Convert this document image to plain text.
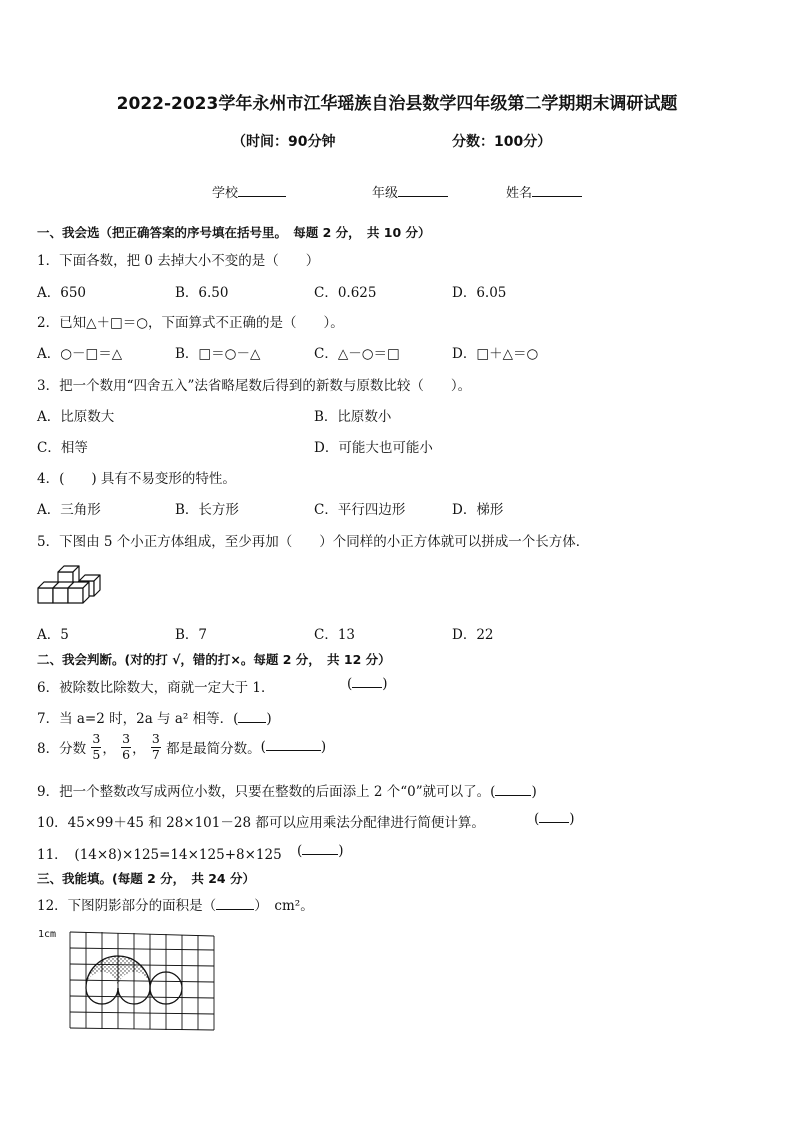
2022-2023学年永州市江华瑶族自治县数学四年级第二学期期末调研试题
（时间：90分钟	分数：100分）
学校	年级	姓名
一、我会选（把正确答案的序号填在括号里。　每题 2 分，　共 10 分）
1．下面各数，把 0 去掉大小不变的是（　　）
A．650	B．6.50	C．0.625	D．6.05
2．已知△＋□＝○，下面算式不正确的是（　　）。
A．○－□＝△	B．□＝○－△	C．△－○＝□	D．□＋△＝○
3．把一个数用“四舍五入”法省略尾数后得到的新数与原数比较（　　）。
A．比原数大	B．比原数小
C．相等	D．可能大也可能小
4．(　　) 具有不易变形的特性。
A．三角形	B．长方形	C．平行四边形	D．梯形
5．下图由 5 个小正方体组成，至少再加（　　）个同样的小正方体就可以拼成一个长方体．
A．5	B．7	C．13	D．22
二、我会判断。(对的打 √，错的打×。每题 2 分，　共 12 分）
6．被除数比除数大，商就一定大于 1．	( )
7．当 a=2 时，2a 与 a² 相等．( )
8．分数 $\frac{3}{5}$ ， $\frac{3}{6}$ ， $\frac{3}{7}$ 都是最简分数。(	)
9．把一个整数改写成两位小数，只要在整数的后面添上 2 个“0”就可以了。(	)
10．45×99＋45 和 28×101－28 都可以应用乘法分配律进行简便计算。	( )
11．　(14×8)×125=14×125+8×125 (	)
三、我能填。(每题 2 分，　共 24 分）
12．下图阴影部分的面积是（	）　cm²。
1cm
